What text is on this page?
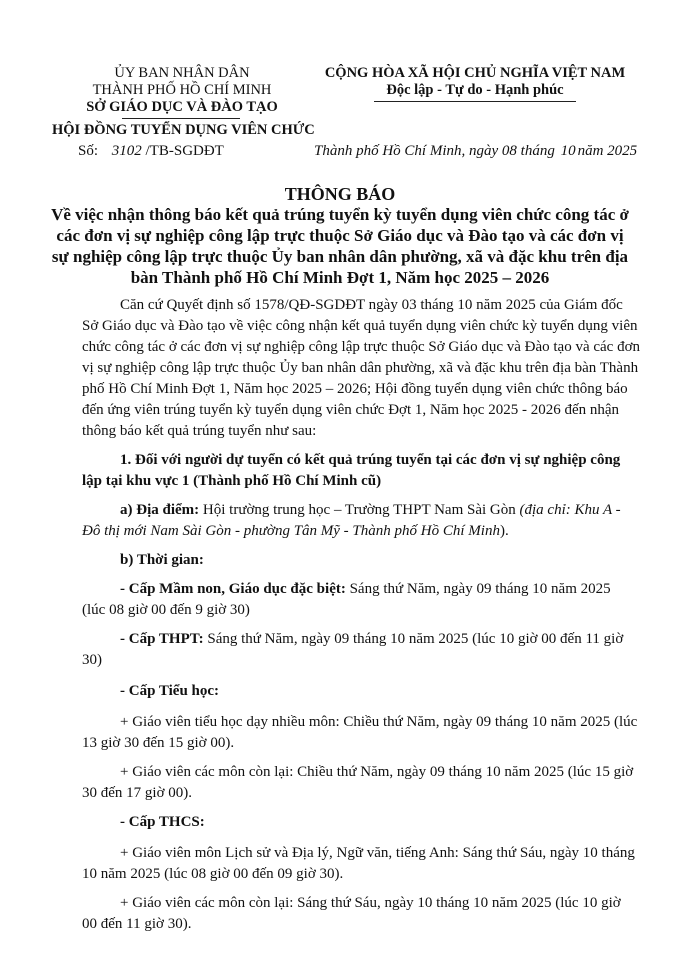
ỦY BAN NHÂN DÂN
THÀNH PHỐ HỒ CHÍ MINH
SỞ GIÁO DỤC VÀ ĐÀO TẠO
HỘI ĐỒNG TUYỂN DỤNG VIÊN CHỨC
Số: 3102 /TB-SGDĐT
CỘNG HÒA XÃ HỘI CHỦ NGHĨA VIỆT NAM
Độc lập - Tự do - Hạnh phúc
Thành phố Hồ Chí Minh, ngày 08 tháng 10 năm 2025
THÔNG BÁO
Về việc nhận thông báo kết quả trúng tuyển kỳ tuyển dụng viên chức công tác ở
các đơn vị sự nghiệp công lập trực thuộc Sở Giáo dục và Đào tạo và các đơn vị
sự nghiệp công lập trực thuộc Ủy ban nhân dân phường, xã và đặc khu trên địa
bàn Thành phố Hồ Chí Minh Đợt 1, Năm học 2025 – 2026
Căn cứ Quyết định số 1578/QĐ-SGDĐT ngày 03 tháng 10 năm 2025 của Giám đốc
Sở Giáo dục và Đào tạo về việc công nhận kết quả tuyển dụng viên chức kỳ tuyển dụng viên
chức công tác ở các đơn vị sự nghiệp công lập trực thuộc Sở Giáo dục và Đào tạo và các đơn
vị sự nghiệp công lập trực thuộc Ủy ban nhân dân phường, xã và đặc khu trên địa bàn Thành
phố Hồ Chí Minh Đợt 1, Năm học 2025 – 2026; Hội đồng tuyển dụng viên chức thông báo
đến ứng viên trúng tuyển kỳ tuyển dụng viên chức Đợt 1, Năm học 2025 - 2026 đến nhận
thông báo kết quả trúng tuyển như sau:
1. Đối với người dự tuyển có kết quả trúng tuyển tại các đơn vị sự nghiệp công
lập tại khu vực 1 (Thành phố Hồ Chí Minh cũ)
a) Địa điểm: Hội trường trung học – Trường THPT Nam Sài Gòn (địa chỉ: Khu A -
Đô thị mới Nam Sài Gòn - phường Tân Mỹ - Thành phố Hồ Chí Minh).
b) Thời gian:
- Cấp Mầm non, Giáo dục đặc biệt: Sáng thứ Năm, ngày 09 tháng 10 năm 2025
(lúc 08 giờ 00 đến 9 giờ 30)
- Cấp THPT: Sáng thứ Năm, ngày 09 tháng 10 năm 2025 (lúc 10 giờ 00 đến 11 giờ
30)
- Cấp Tiểu học:
+ Giáo viên tiểu học dạy nhiều môn: Chiều thứ Năm, ngày 09 tháng 10 năm 2025 (lúc
13 giờ 30 đến 15 giờ 00).
+ Giáo viên các môn còn lại: Chiều thứ Năm, ngày 09 tháng 10 năm 2025 (lúc 15 giờ
30 đến 17 giờ 00).
- Cấp THCS:
+ Giáo viên môn Lịch sử và Địa lý, Ngữ văn, tiếng Anh: Sáng thứ Sáu, ngày 10 tháng
10 năm 2025 (lúc 08 giờ 00 đến 09 giờ 30).
+ Giáo viên các môn còn lại: Sáng thứ Sáu, ngày 10 tháng 10 năm 2025 (lúc 10 giờ
00 đến 11 giờ 30).
